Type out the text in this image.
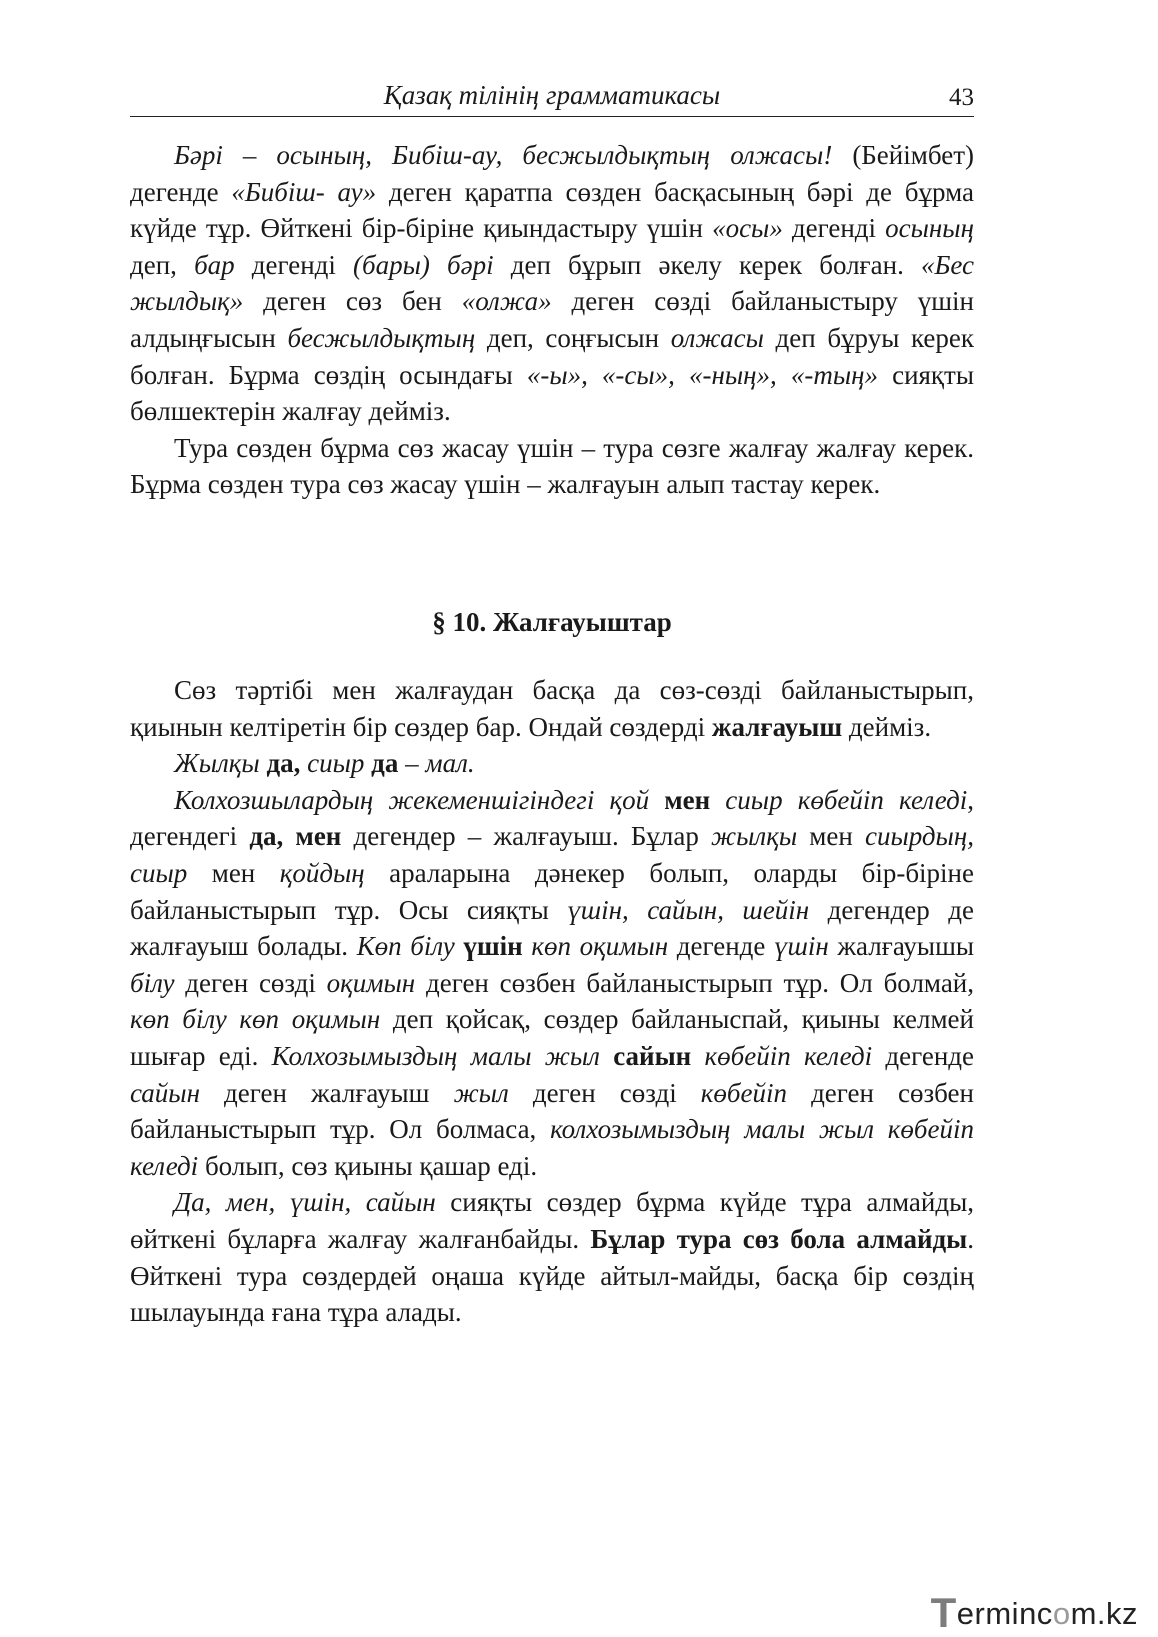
Қазақ тілінің грамматикасы	43

Бәрі – осының, Бибіш-ау, бесжылдықтың олжасы! (Бейімбет) дегенде «Бибіш- ау» деген қаратпа сөзден басқасының бәрі де бұрма күйде тұр. Өйткені бір-біріне қиындастыру үшін «осы» дегенді осының деп, бар дегенді (бары) бәрі деп бұрып әкелу керек болған. «Бес жылдық» деген сөз бен «олжа» деген сөзді байланыстыру үшін алдыңғысын бесжылдықтың деп, соңғысын олжасы деп бұруы керек болған. Бұрма сөздің осындағы «-ы», «-сы», «-ның», «-тың» сияқты бөлшектерін жалғау дейміз.

Тура сөзден бұрма сөз жасау үшін – тура сөзге жалғау жалғау керек. Бұрма сөзден тура сөз жасау үшін – жалғауын алып тастау керек.

§ 10. Жалғауыштар

Сөз тәртібі мен жалғаудан басқа да сөз-сөзді байланыстырып, қиынын келтіретін бір сөздер бар. Ондай сөздерді жалғауыш дейміз.

Жылқы да, сиыр да – мал.

Колхозшылардың жекеменшігіндегі қой мен сиыр көбейіп келеді, дегендегі да, мен дегендер – жалғауыш. Бұлар жылқы мен сиырдың, сиыр мен қойдың араларына дәнекер болып, оларды бір-біріне байланыстырып тұр. Осы сияқты үшін, сайын, шейін дегендер де жалғауыш болады. Көп білу үшін көп оқимын дегенде үшін жалғауышы білу деген сөзді оқимын деген сөзбен байланыстырып тұр. Ол болмай, көп білу көп оқимын деп қойсақ, сөздер байланыспай, қиыны келмей шығар еді. Колхозымыздың малы жыл сайын көбейіп келеді дегенде сайын деген жалғауыш жыл деген сөзді көбейіп деген сөзбен байланыстырып тұр. Ол болмаса, колхозымыздың малы жыл көбейіп келеді болып, сөз қиыны қашар еді.

Да, мен, үшін, сайын сияқты сөздер бұрма күйде тұра алмайды, өйткені бұларға жалғау жалғанбайды. Бұлар тура сөз бола алмайды. Өйткені тура сөздердей оңаша күйде айтыл-майды, басқа бір сөздің шылауында ғана тұра алады.

Termincom.kz
